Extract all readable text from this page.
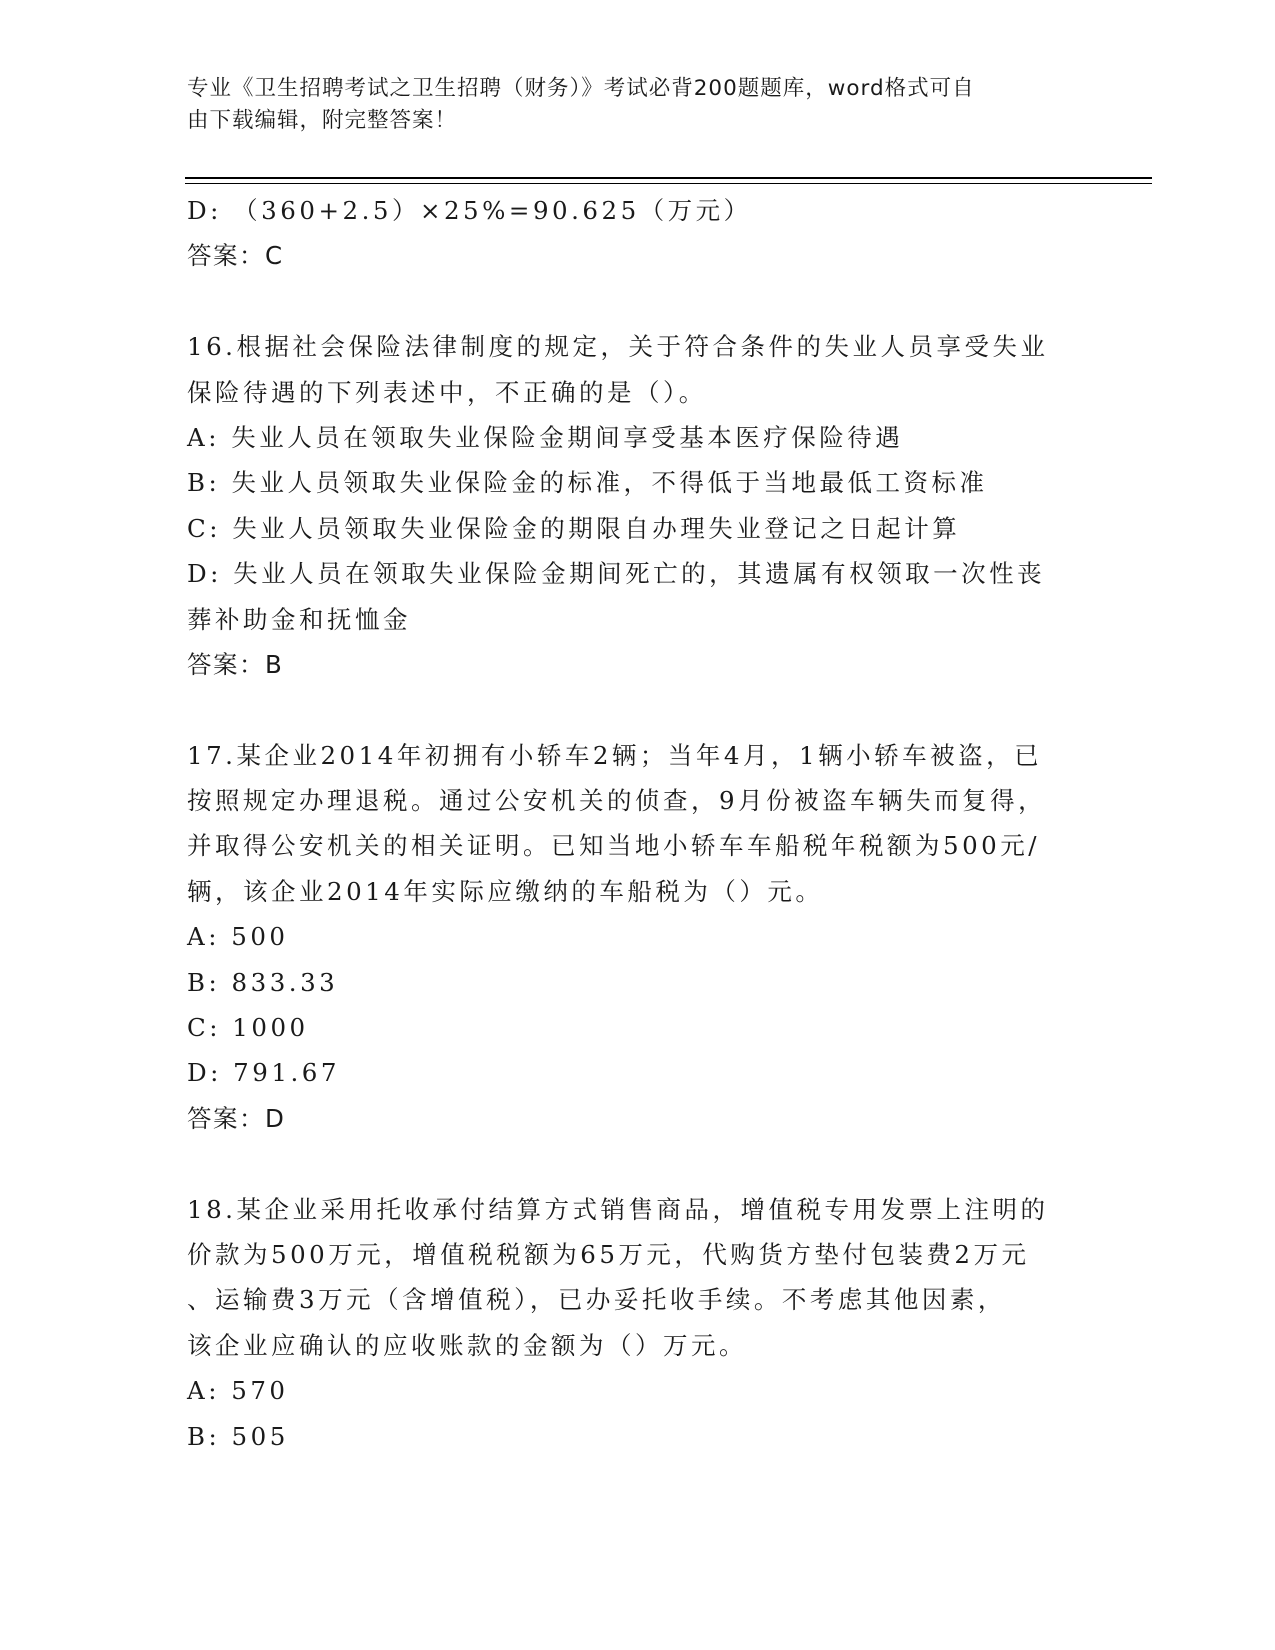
专业《卫生招聘考试之卫生招聘（财务）》考试必背200题题库，word格式可自
由下载编辑，附完整答案！
D: （360+2.5）×25%=90.625（万元）
答案：C
16.根据社会保险法律制度的规定，关于符合条件的失业人员享受失业
保险待遇的下列表述中，不正确的是（）。
A: 失业人员在领取失业保险金期间享受基本医疗保险待遇
B: 失业人员领取失业保险金的标准，不得低于当地最低工资标准
C: 失业人员领取失业保险金的期限自办理失业登记之日起计算
D: 失业人员在领取失业保险金期间死亡的，其遗属有权领取一次性丧
葬补助金和抚恤金
答案：B
17.某企业2014年初拥有小轿车2辆；当年4月，1辆小轿车被盗，已
按照规定办理退税。通过公安机关的侦查，9月份被盗车辆失而复得，
并取得公安机关的相关证明。已知当地小轿车车船税年税额为500元/
辆，该企业2014年实际应缴纳的车船税为（）元。
A: 500
B: 833.33
C: 1000
D: 791.67
答案：D
18.某企业采用托收承付结算方式销售商品，增值税专用发票上注明的
价款为500万元，增值税税额为65万元，代购货方垫付包装费2万元
、运输费3万元（含增值税），已办妥托收手续。不考虑其他因素，
该企业应确认的应收账款的金额为（）万元。
A: 570
B: 505
